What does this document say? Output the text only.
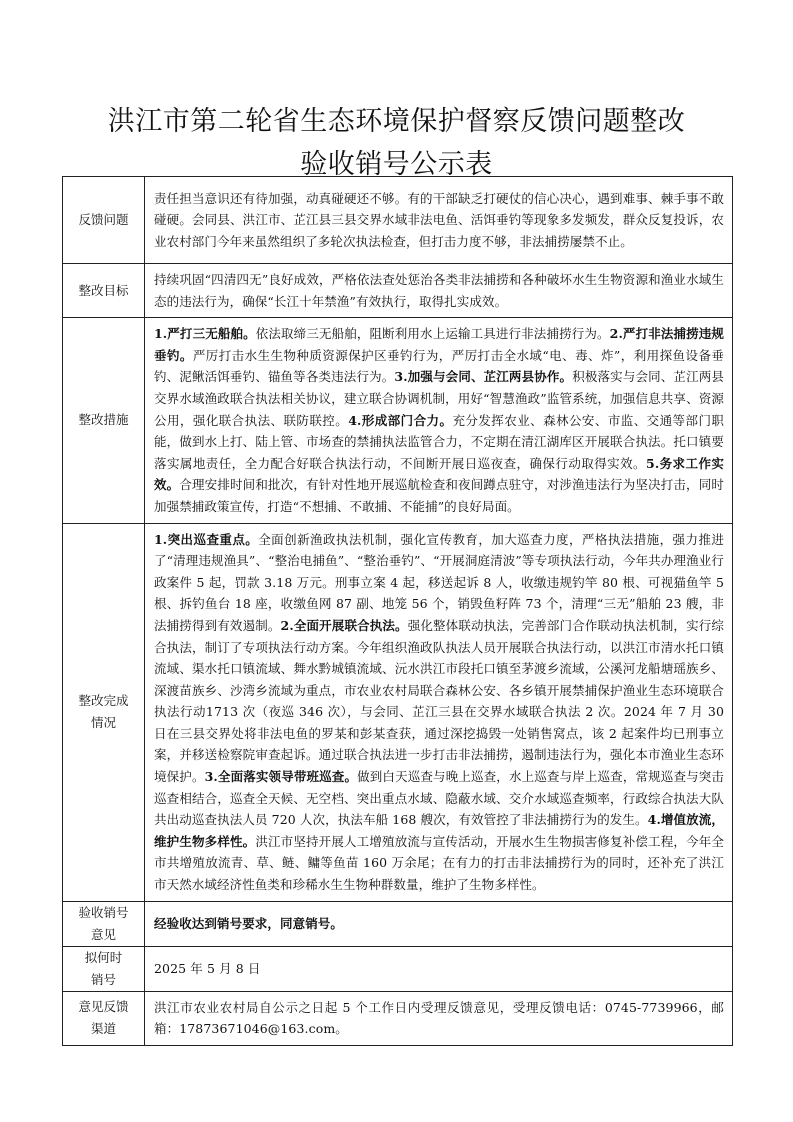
洪江市第二轮省生态环境保护督察反馈问题整改
验收销号公示表
反馈问题	责任担当意识还有待加强，动真碰硬还不够。有的干部缺乏打硬仗的信心决心，遇到难事、棘手事不敢碰硬。会同县、洪江市、芷江县三县交界水域非法电鱼、活饵垂钓等现象多发频发，群众反复投诉，农业农村部门今年来虽然组织了多轮次执法检查，但打击力度不够，非法捕捞屡禁不止。
整改目标	持续巩固“四清四无”良好成效，严格依法查处惩治各类非法捕捞和各种破坏水生生物资源和渔业水域生态的违法行为，确保“长江十年禁渔”有效执行，取得扎实成效。
整改措施	1.严打三无船舶。依法取缔三无船舶，阻断利用水上运输工具进行非法捕捞行为。2.严打非法捕捞违规垂钓。严厉打击水生生物种质资源保护区垂钓行为，严厉打击全水域“电、毒、炸”，利用探鱼设备垂钓、泥鳅活饵垂钓、锚鱼等各类违法行为。3.加强与会同、芷江两县协作。积极落实与会同、芷江两县交界水域渔政联合执法相关协议，建立联合协调机制，用好“智慧渔政”监管系统，加强信息共享、资源公用，强化联合执法、联防联控。4.形成部门合力。充分发挥农业、森林公安、市监、交通等部门职能，做到水上打、陆上管、市场查的禁捕执法监管合力，不定期在清江湖库区开展联合执法。托口镇要落实属地责任，全力配合好联合执法行动，不间断开展日巡夜查，确保行动取得实效。5.务求工作实效。合理安排时间和批次，有针对性地开展巡航检查和夜间蹲点驻守，对涉渔违法行为坚决打击，同时加强禁捕政策宣传，打造“不想捕、不敢捕、不能捕”的良好局面。
整改完成
情况	1.突出巡查重点。全面创新渔政执法机制，强化宣传教育，加大巡查力度，严格执法措施，强力推进了“清理违规渔具”、“整治电捕鱼”、“整治垂钓”、“开展洞庭清波”等专项执法行动，今年共办理渔业行政案件 5 起，罚款 3.18 万元。刑事立案 4 起，移送起诉 8 人，收缴违规钓竿 80 根、可视猫鱼竿 5 根、拆钓鱼台 18 座，收缴鱼网 87 副、地笼 56 个，销毁鱼籽阵 73 个，清理“三无”船舶 23 艘，非法捕捞得到有效遏制。2.全面开展联合执法。强化整体联动执法，完善部门合作联动执法机制，实行综合执法，制订了专项执法行动方案。今年组织渔政队执法人员开展联合执法行动，以洪江市清水托口镇流域、渠水托口镇流域、舞水黔城镇流域、沅水洪江市段托口镇至茅渡乡流域，公溪河龙船塘瑶族乡、深渡苗族乡、沙湾乡流域为重点，市农业农村局联合森林公安、各乡镇开展禁捕保护渔业生态环境联合执法行动1713 次（夜巡 346 次），与会同、芷江三县在交界水域联合执法 2 次。2024 年 7 月 30 日在三县交界处将非法电鱼的罗某和彭某查获，通过深挖捣毁一处销售窝点，该 2 起案件均已刑事立案，并移送检察院审查起诉。通过联合执法进一步打击非法捕捞，遏制违法行为，强化本市渔业生态环境保护。3.全面落实领导带班巡查。做到白天巡查与晚上巡查，水上巡查与岸上巡查，常规巡查与突击巡查相结合，巡查全天候、无空档、突出重点水域、隐蔽水域、交介水域巡查频率，行政综合执法大队共出动巡查执法人员 720 人次，执法车船 168 艘次，有效管控了非法捕捞行为的发生。4.增值放流，维护生物多样性。洪江市坚持开展人工增殖放流与宣传活动，开展水生生物损害修复补偿工程，今年全市共增殖放流青、草、鲢、鳙等鱼苗 160 万余尾；在有力的打击非法捕捞行为的同时，还补充了洪江市天然水域经济性鱼类和珍稀水生生物种群数量，维护了生物多样性。
验收销号
意见	经验收达到销号要求，同意销号。
拟何时
销号	2025 年 5 月 8 日
意见反馈
渠道	洪江市农业农村局自公示之日起 5 个工作日内受理反馈意见，受理反馈电话：0745-7739966，邮箱：17873671046@163.com。
